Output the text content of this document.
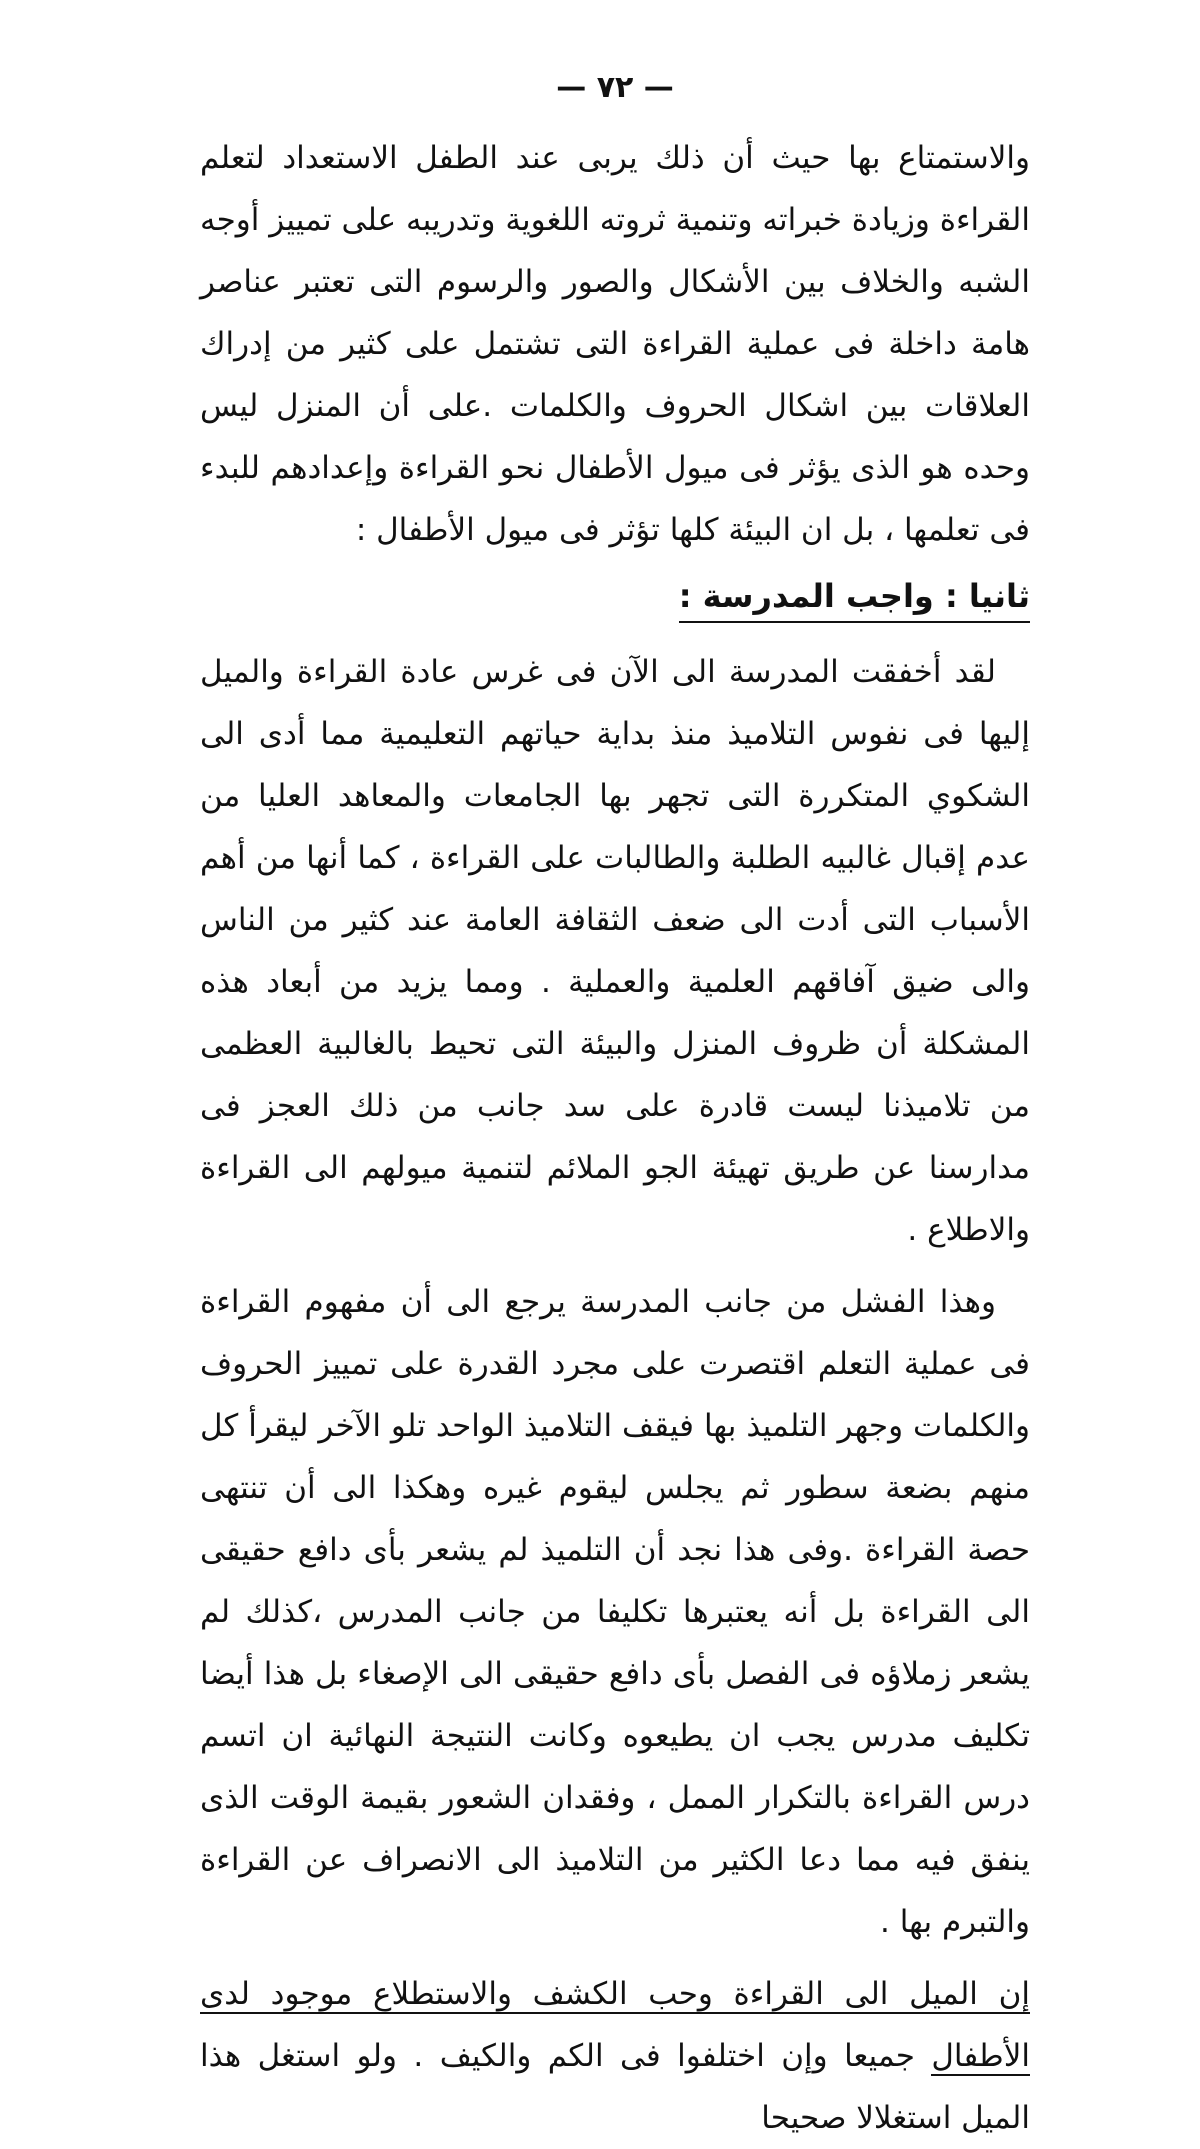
— ٧٢ —

والاستمتاع بها حيث أن ذلك يربى عند الطفل الاستعداد لتعلم القراءة وزيادة خبراته وتنمية ثروته اللغوية وتدريبه على تمييز أوجه الشبه والخلاف بين الأشكال والصور والرسوم التى تعتبر عناصر هامة داخلة فى عملية القراءة التى تشتمل على كثير من إدراك العلاقات بين اشكال الحروف والكلمات .على أن المنزل ليس وحده هو الذى يؤثر فى ميول الأطفال نحو القراءة وإعدادهم للبدء فى تعلمها ، بل ان البيئة كلها تؤثر فى ميول الأطفال :

ثانيا : واجب المدرسة :

لقد أخفقت المدرسة الى الآن فى غرس عادة القراءة والميل إليها فى نفوس التلاميذ منذ بداية حياتهم التعليمية مما أدى الى الشكوي المتكررة التى تجهر بها الجامعات والمعاهد العليا من عدم إقبال غالبيه الطلبة والطالبات على القراءة ، كما أنها من أهم الأسباب التى أدت الى ضعف الثقافة العامة عند كثير من الناس والى ضيق آفاقهم العلمية والعملية . ومما يزيد من أبعاد هذه المشكلة أن ظروف المنزل والبيئة التى تحيط بالغالبية العظمى من تلاميذنا ليست قادرة على سد جانب من ذلك العجز فى مدارسنا عن طريق تهيئة الجو الملائم لتنمية ميولهم الى القراءة والاطلاع .

وهذا الفشل من جانب المدرسة يرجع الى أن مفهوم القراءة فى عملية التعلم اقتصرت على مجرد القدرة على تمييز الحروف والكلمات وجهر التلميذ بها فيقف التلاميذ الواحد تلو الآخر ليقرأ كل منهم بضعة سطور ثم يجلس ليقوم غيره وهكذا الى أن تنتهى حصة القراءة .وفى هذا نجد أن التلميذ لم يشعر بأى دافع حقيقى الى القراءة بل أنه يعتبرها تكليفا من جانب المدرس ،كذلك لم يشعر زملاؤه فى الفصل بأى دافع حقيقى الى الإصغاء بل هذا أيضا تكليف مدرس يجب ان يطيعوه وكانت النتيجة النهائية ان اتسم درس القراءة بالتكرار الممل ، وفقدان الشعور بقيمة الوقت الذى ينفق فيه مما دعا الكثير من التلاميذ الى الانصراف عن القراءة والتبرم بها .

إن الميل الى القراءة وحب الكشف والاستطلاع موجود لدى الأطفال جميعا وإن اختلفوا فى الكم والكيف . ولو استغل هذا الميل استغلالا صحيحا
